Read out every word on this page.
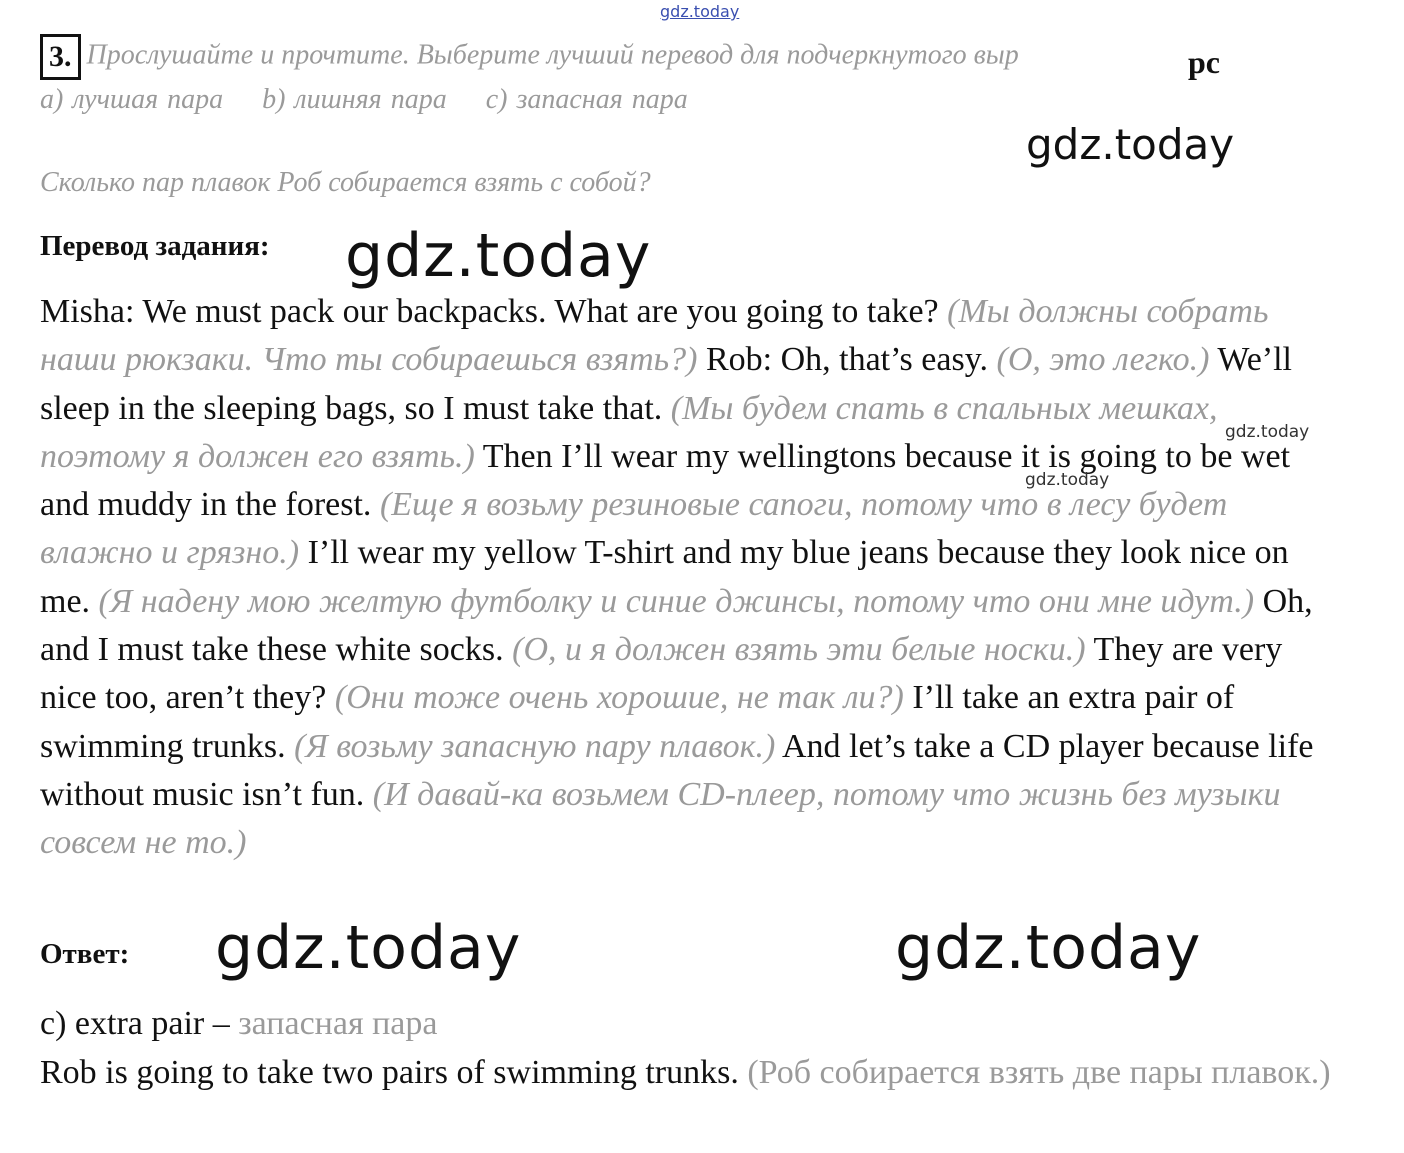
gdz.today
3. Прослушайте и прочтите. Выберите лучший перевод для подчеркнутого выр	рс
a) лучшая пара b) лишняя пара c) запасная пара
gdz.today
Сколько пар плавок Роб собирается взять с собой?
Перевод задания: gdz.today
Misha: We must pack our backpacks. What are you going to take? (Мы должны собрать наши рюкзаки. Что ты собираешься взять?) Rob: Oh, that’s easy. (О, это легко.) We’ll sleep in the sleeping bags, so I must take that. (Мы будем спать в спальных мешках, поэтому я должен его взять.) Then I’ll wear my wellingtons because it is going to be wet and muddy in the forest. (Еще я возьму резиновые сапоги, потому что в лесу будет влажно и грязно.) I’ll wear my yellow T-shirt and my blue jeans because they look nice on me. (Я надену мою желтую футболку и синие джинсы, потому что они мне идут.) Oh, and I must take these white socks. (О, и я должен взять эти белые носки.) They are very nice too, aren’t they? (Они тоже очень хорошие, не так ли?) I’ll take an extra pair of swimming trunks. (Я возьму запасную пару плавок.) And let’s take a CD player because life without music isn’t fun. (И давай-ка возьмем CD-плеер, потому что жизнь без музыки совсем не то.)
gdz.today
gdz.today
Ответ: gdz.today	gdz.today
c) extra pair – запасная пара
Rob is going to take two pairs of swimming trunks. (Роб собирается взять две пары плавок.)
